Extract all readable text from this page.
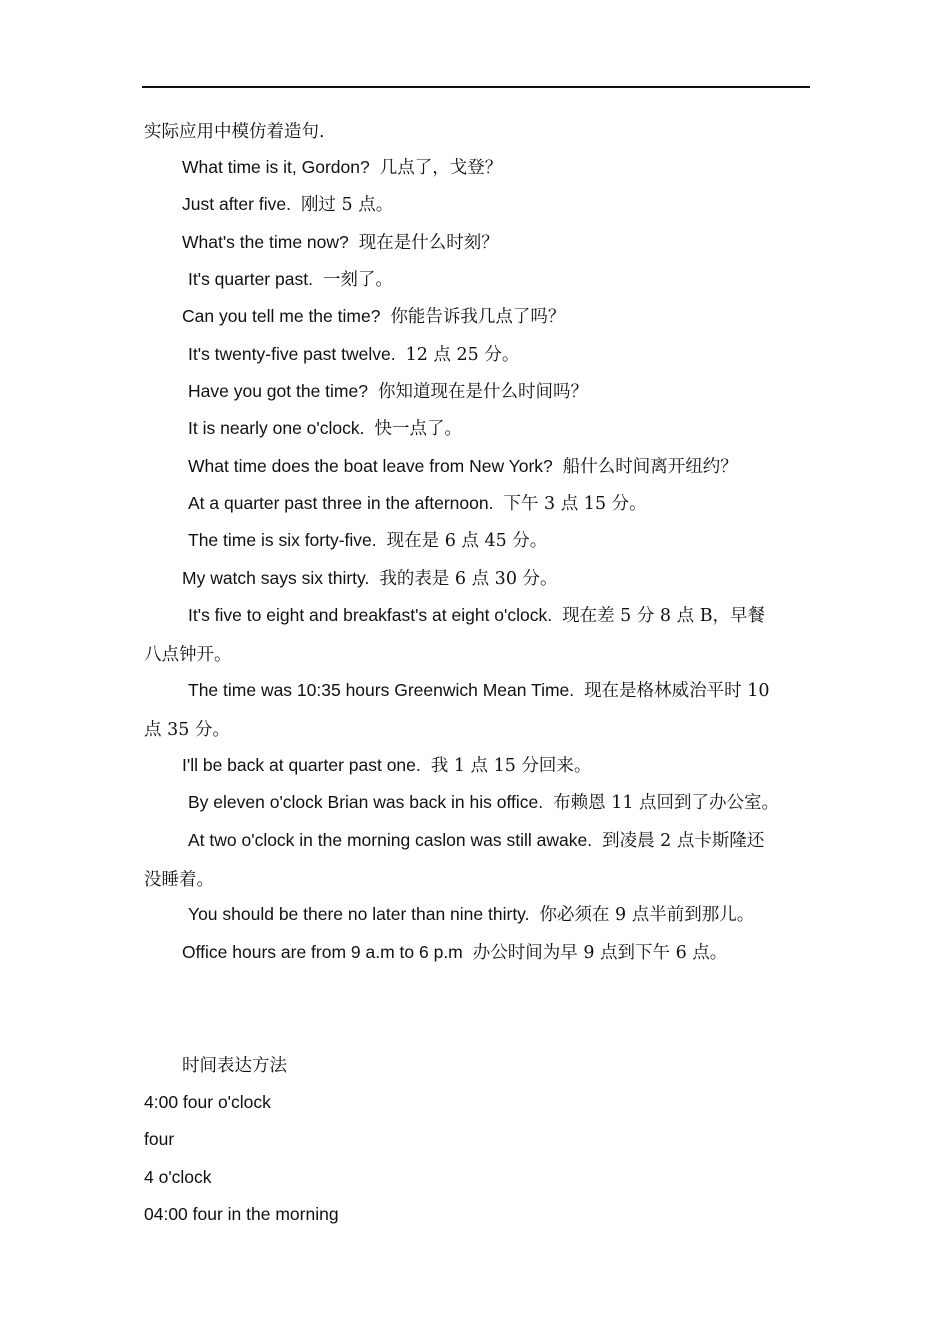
实际应用中模仿着造句.
What time is it, Gordon? 几点了，戈登？
Just after five. 刚过 5 点。
What's the time now? 现在是什么时刻？
It's quarter past. 一刻了。
Can you tell me the time? 你能告诉我几点了吗？
It's twenty-five past twelve. 12 点 25 分。
Have you got the time? 你知道现在是什么时间吗？
It is nearly one o'clock. 快一点了。
What time does the boat leave from New York? 船什么时间离开纽约？
At a quarter past three in the afternoon. 下午 3 点 15 分。
The time is six forty-five. 现在是 6 点 45 分。
My watch says six thirty. 我的表是 6 点 30 分。
It's five to eight and breakfast's at eight o'clock. 现在差 5 分 8 点 B，早餐
八点钟开。
The time was 10:35 hours Greenwich Mean Time. 现在是格林威治平时 10
点 35 分。
I'll be back at quarter past one. 我 1 点 15 分回来。
By eleven o'clock Brian was back in his office. 布赖恩 11 点回到了办公室。
At two o'clock in the morning caslon was still awake. 到凌晨 2 点卡斯隆还
没睡着。
You should be there no later than nine thirty. 你必须在 9 点半前到那儿。
Office hours are from 9 a.m to 6 p.m 办公时间为早 9 点到下午 6 点。
时间表达方法
4:00 four o'clock
four
4 o'clock
04:00 four in the morning
